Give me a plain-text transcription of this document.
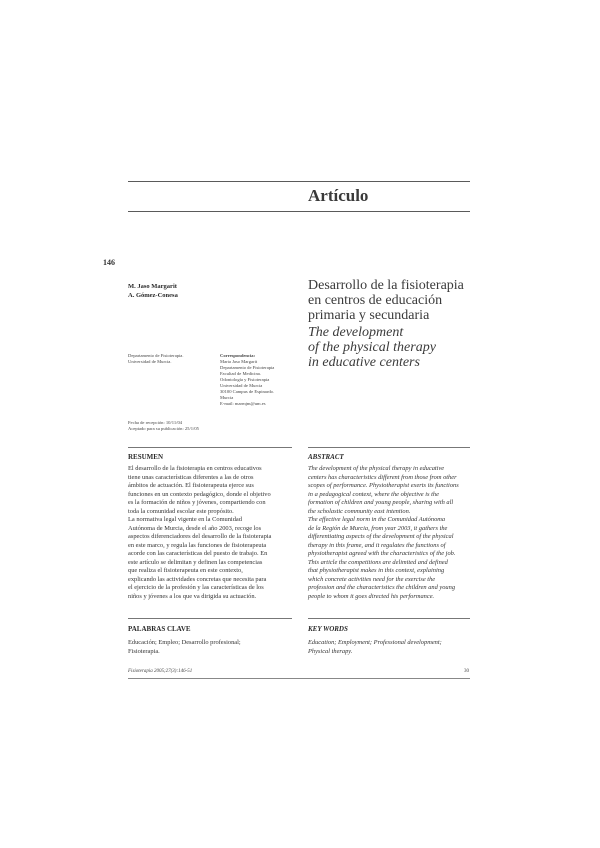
Artículo
146
M. Jaso Margarit
A. Gómez-Conesa
Desarrollo de la fisioterapia
en centros de educación
primaria y secundaria
The development
of the physical therapy
in educative centers
Departamento de Fisioterapia.
Universidad de Murcia.
Correspondencia:
Marta Jaso Margarit
Departamento de Fisioterapia
Facultad de Medicina.
Odontología y Fisioterapia
Universidad de Murcia
30100 Campus de Espinardo.
Murcia
E-mail: marmjm@um.es
Fecha de recepción: 10/11/04
Aceptado para su publicación: 25/1/05
RESUMEN
El desarrollo de la fisioterapia en centros educativos
tiene unas características diferentes a las de otros
ámbitos de actuación. El fisioterapeuta ejerce sus
funciones en un contexto pedagógico, donde el objetivo
es la formación de niños y jóvenes, compartiendo con
toda la comunidad escolar este propósito.
La normativa legal vigente en la Comunidad
Autónoma de Murcia, desde el año 2003, recoge los
aspectos diferenciadores del desarrollo de la fisioterapia
en este marco, y regula las funciones de fisioterapeuta
acorde con las características del puesto de trabajo. En
este artículo se delimitan y definen las competencias
que realiza el fisioterapeuta en este contexto,
explicando las actividades concretas que necesita para
el ejercicio de la profesión y las características de los
niños y jóvenes a los que va dirigida su actuación.
ABSTRACT
The development of the physical therapy in educative
centers has characteristics different from those from other
scopes of performance. Physiotherapist exerts its functions
in a pedagogical context, where the objective is the
formation of children and young people, sharing with all
the scholastic community east intention.
The effective legal norm in the Comunidad Autónoma
de la Región de Murcia, from year 2003, it gathers the
differentiating aspects of the development of the physical
therapy in this frame, and it regulates the functions of
physiotherapist agreed with the characteristics of the job.
This article the competitions are delimited and defined
that physiotherapist makes in this context, explaining
which concrete activities need for the exercise the
profession and the characteristics the children and young
people to whom it goes directed his performance.
PALABRAS CLAVE
Educación; Empleo; Desarrollo profesional;
Fisioterapia.
KEY WORDS
Education; Employment; Professional development;
Physical therapy.
Fisioterapia 2005;27(3):146-51	30
